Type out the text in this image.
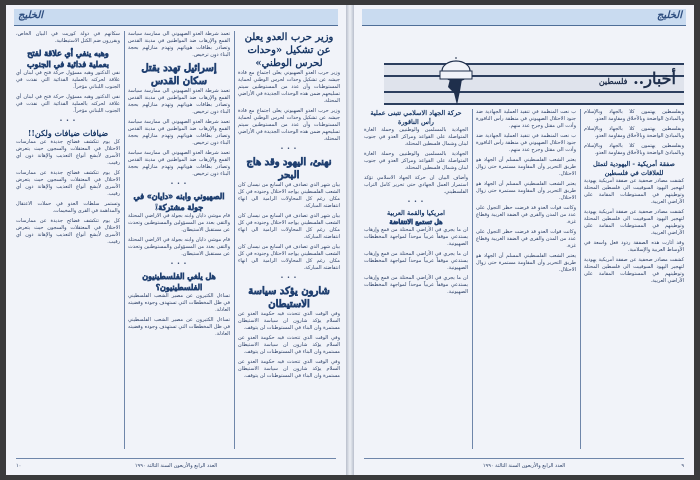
الخليج
وزير حرب العدو يعلن عن تشكيل «وحدات لحرس الوطني»

وزير حرب العدو الصهيوني يعلن اجتماع مع قادة جيشه عن تشكيل وحدات لحرس الوطني لحماية المستوطنات وأن عدد من المستوطنين سيتم تسليحهم ضمن هذه الوحدات الجديدة في الأراضي المحتلة.

وزير حرب العدو الصهيوني يعلن اجتماع مع قادة جيشه عن تشكيل وحدات لحرس الوطني لحماية المستوطنات وأن عدد من المستوطنين سيتم تسليحهم ضمن هذه الوحدات الجديدة في الأراضي المحتلة.

• • •
نهنئ، اليهود وقد هاج البحر

بيان شهر الذي تصادف في السابع من نيسان كان الشعب الفلسطيني يواجه الاحتلال وجنوده في كل مكان رغم كل المحاولات الرامية الى انهاء انتفاضته المباركة.

بيان شهر الذي تصادف في السابع من نيسان كان الشعب الفلسطيني يواجه الاحتلال وجنوده في كل مكان رغم كل المحاولات الرامية الى انهاء انتفاضته المباركة.

بيان شهر الذي تصادف في السابع من نيسان كان الشعب الفلسطيني يواجه الاحتلال وجنوده في كل مكان رغم كل المحاولات الرامية الى انهاء انتفاضته المباركة.

• • •
شارون يؤكد سياسة الاستيطان

وفي الوقت الذي تتحدث فيه حكومة العدو عن السلام يؤكد شارون ان سياسة الاستيطان مستمرة وان البناء في المستوطنات لن يتوقف.

وفي الوقت الذي تتحدث فيه حكومة العدو عن السلام يؤكد شارون ان سياسة الاستيطان مستمرة وان البناء في المستوطنات لن يتوقف.

وفي الوقت الذي تتحدث فيه حكومة العدو عن السلام يؤكد شارون ان سياسة الاستيطان مستمرة وان البناء في المستوطنات لن يتوقف.

تعمد شرطة العدو الصهيوني الى ممارسة سياسة القمع والإرهاب ضد المواطنين في مدينة القدس وتصادر بطاقات هوياتهم وتهدم منازلهم بحجة البناء دون ترخيص.

إسرائيل تهدد بقتل سكان القدس

تعمد شرطة العدو الصهيوني الى ممارسة سياسة القمع والإرهاب ضد المواطنين في مدينة القدس وتصادر بطاقات هوياتهم وتهدم منازلهم بحجة البناء دون ترخيص.

تعمد شرطة العدو الصهيوني الى ممارسة سياسة القمع والإرهاب ضد المواطنين في مدينة القدس وتصادر بطاقات هوياتهم وتهدم منازلهم بحجة البناء دون ترخيص.

تعمد شرطة العدو الصهيوني الى ممارسة سياسة القمع والإرهاب ضد المواطنين في مدينة القدس وتصادر بطاقات هوياتهم وتهدم منازلهم بحجة البناء دون ترخيص.

• • •
الصهيوني وابنه «دايان» في جولة مشتركة!

قام موشي دايان وابنه بجولة في الاراضي المحتلة والتقى بعدد من المسؤولين والمستوطنين وتحدث عن مستقبل الاستيطان.

قام موشي دايان وابنه بجولة في الاراضي المحتلة والتقى بعدد من المسؤولين والمستوطنين وتحدث عن مستقبل الاستيطان.

• • •
هل يلغي الفلسطينيون الفلسطينيون؟

تساءل الكثيرون عن مصير الشعب الفلسطيني في ظل المخططات التي تستهدف وجوده وقضيته العادلة.

تساءل الكثيرون عن مصير الشعب الفلسطيني في ظل المخططات التي تستهدف وجوده وقضيته العادلة.

سكانهم في دولة كوريت في البيان الخاص، ويقررون ضم الكتل الاستيطانية.

وهبه ينفي أي علاقة لفتح بعملية فدائية في الجنوب

نفى الدكتور وهبه مسؤول حركة فتح في لبنان أي علاقة لحركته بالعملية الفدائية التي نفذت في الجنوب اللبناني مؤخراً.

نفى الدكتور وهبه مسؤول حركة فتح في لبنان أي علاقة لحركته بالعملية الفدائية التي نفذت في الجنوب اللبناني مؤخراً.

• • •
ضيافات ضيافات ولكن!!

كل يوم تتكشف فضائح جديدة عن ممارسات الاحتلال في المعتقلات والسجون حيث يتعرض الأسرى لأبشع أنواع التعذيب والإهانة دون أي رقيب.

كل يوم تتكشف فضائح جديدة عن ممارسات الاحتلال في المعتقلات والسجون حيث يتعرض الأسرى لأبشع أنواع التعذيب والإهانة دون أي رقيب.

وتستمر سلطات العدو في حملات الاعتقال والمداهمة في القرى والمخيمات.

كل يوم تتكشف فضائح جديدة عن ممارسات الاحتلال في المعتقلات والسجون حيث يتعرض الأسرى لأبشع أنواع التعذيب والإهانة دون أي رقيب.

العدد الرابع والأربعون السنة الثالثة ١٩٩٠
١٠
الخليج
أخبار.. فلسطين

وبفلسطين يهتمون كلا بالجهاد وبالإسلام وبالمبادئ الواضحة وبالأخلاق ومقاومة العدو.

وبفلسطين يهتمون كلا بالجهاد وبالإسلام وبالمبادئ الواضحة وبالأخلاق ومقاومة العدو.

وبفلسطين يهتمون كلا بالجهاد وبالإسلام وبالمبادئ الواضحة وبالأخلاق ومقاومة العدو.

صفقة أمريكية - اليهودية لتمثل للعلاقات في فلسطين

كشفت مصادر صحفية عن صفقة أمريكية يهودية لتهجير اليهود السوفييت الى فلسطين المحتلة وتوطينهم في المستوطنات المقامة على الأراضي العربية.

كشفت مصادر صحفية عن صفقة أمريكية يهودية لتهجير اليهود السوفييت الى فلسطين المحتلة وتوطينهم في المستوطنات المقامة على الأراضي العربية.

وقد أثارت هذه الصفقة ردود فعل واسعة في الأوساط العربية والإسلامية.

كشفت مصادر صحفية عن صفقة أمريكية يهودية لتهجير اليهود السوفييت الى فلسطين المحتلة وتوطينهم في المستوطنات المقامة على الأراضي العربية.

ب نعت المنظمة في تنفيذ العملية الجهادية ضد جنود الاحتلال الصهيوني في منطقة رأس الناقورة وأدت الى مقتل وجرح عدد منهم.

ب نعت المنظمة في تنفيذ العملية الجهادية ضد جنود الاحتلال الصهيوني في منطقة رأس الناقورة وأدت الى مقتل وجرح عدد منهم.

يعتبر الشعب الفلسطيني المسلم أن الجهاد هو طريق التحرير وأن المقاومة مستمرة حتى زوال الاحتلال.

يعتبر الشعب الفلسطيني المسلم أن الجهاد هو طريق التحرير وأن المقاومة مستمرة حتى زوال الاحتلال.

وكانت قوات العدو قد فرضت حظر التجول على عدد من المدن والقرى في الضفة الغربية وقطاع غزة.

وكانت قوات العدو قد فرضت حظر التجول على عدد من المدن والقرى في الضفة الغربية وقطاع غزة.

يعتبر الشعب الفلسطيني المسلم أن الجهاد هو طريق التحرير وأن المقاومة مستمرة حتى زوال الاحتلال.

حركة الجهاد الاسلامي تتبنى عملية رأس الناقورة

الجهادية بالمسلمين والوطنيين وحملة الغارة المتواصلة على القواعد ومراكز العدو في جنوب لبنان وشمال فلسطين المحتلة.

الجهادية بالمسلمين والوطنيين وحملة الغارة المتواصلة على القواعد ومراكز العدو في جنوب لبنان وشمال فلسطين المحتلة.

وأضاف البيان ان حركة الجهاد الاسلامي تؤكد استمرار العمل الجهادي حتى تحرير كامل التراب الفلسطيني.

• • •
امريكيا والقمة العربية
هل تستمع الانتفاضة

ان ما يجري في الأراضي المحتلة من قمع وإرهاب يستدعي موقفاً عربياً موحداً لمواجهة المخططات الصهيونية.

ان ما يجري في الأراضي المحتلة من قمع وإرهاب يستدعي موقفاً عربياً موحداً لمواجهة المخططات الصهيونية.

ان ما يجري في الأراضي المحتلة من قمع وإرهاب يستدعي موقفاً عربياً موحداً لمواجهة المخططات الصهيونية.

العدد الرابع والأربعون السنة الثالثة ١٩٩٠	٩
